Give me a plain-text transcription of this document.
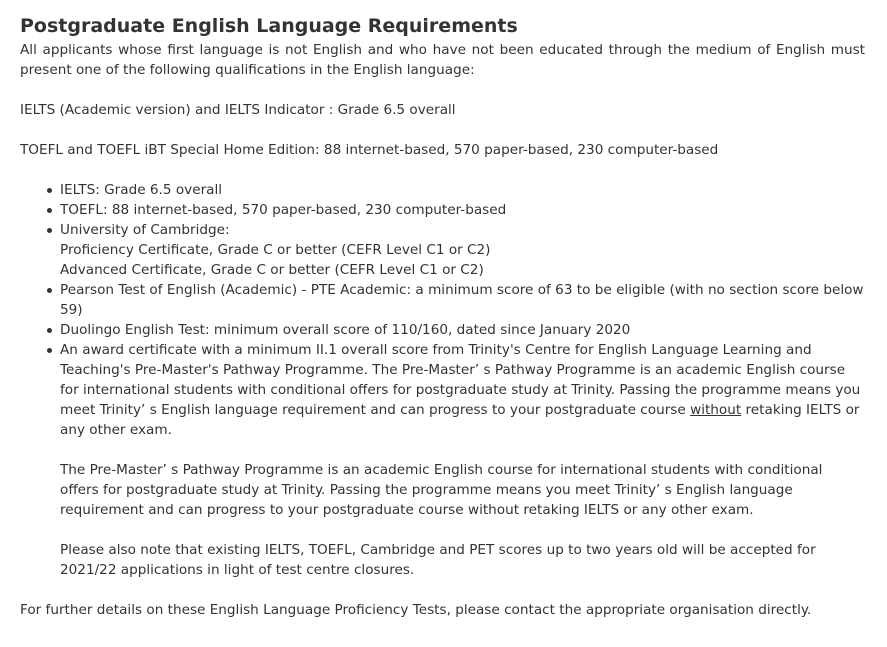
Postgraduate English Language Requirements

All applicants whose first language is not English and who have not been educated through the medium of English must present one of the following qualifications in the English language:

IELTS (Academic version) and IELTS Indicator : Grade 6.5 overall

TOEFL and TOEFL iBT Special Home Edition: 88 internet-based, 570 paper-based, 230 computer-based

IELTS: Grade 6.5 overall
TOEFL: 88 internet-based, 570 paper-based, 230 computer-based
University of Cambridge:
Proficiency Certificate, Grade C or better (CEFR Level C1 or C2)
Advanced Certificate, Grade C or better (CEFR Level C1 or C2)
Pearson Test of English (Academic) - PTE Academic: a minimum score of 63 to be eligible (with no section score below 59)
Duolingo English Test: minimum overall score of 110/160, dated since January 2020
An award certificate with a minimum II.1 overall score from Trinity's Centre for English Language Learning and Teaching's Pre-Master's Pathway Programme. The Pre-Master’ s Pathway Programme is an academic English course for international students with conditional offers for postgraduate study at Trinity. Passing the programme means you meet Trinity’ s English language requirement and can progress to your postgraduate course without retaking IELTS or any other exam.
The Pre-Master’ s Pathway Programme is an academic English course for international students with conditional offers for postgraduate study at Trinity. Passing the programme means you meet Trinity’ s English language requirement and can progress to your postgraduate course without retaking IELTS or any other exam.
Please also note that existing IELTS, TOEFL, Cambridge and PET scores up to two years old will be accepted for 2021/22 applications in light of test centre closures.

For further details on these English Language Proficiency Tests, please contact the appropriate organisation directly.
